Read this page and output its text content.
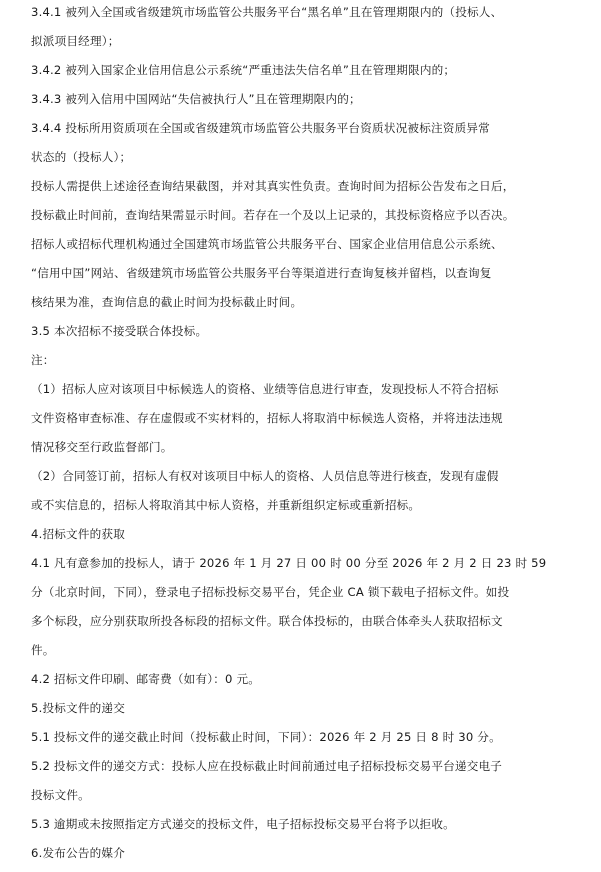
3.4.1 被列入全国或省级建筑市场监管公共服务平台“黑名单”且在管理期限内的（投标人、
拟派项目经理）；
3.4.2 被列入国家企业信用信息公示系统“严重违法失信名单”且在管理期限内的；
3.4.3 被列入信用中国网站“失信被执行人”且在管理期限内的；
3.4.4 投标所用资质项在全国或省级建筑市场监管公共服务平台资质状况被标注资质异常
状态的（投标人）；
投标人需提供上述途径查询结果截图，并对其真实性负责。查询时间为招标公告发布之日后，
投标截止时间前，查询结果需显示时间。若存在一个及以上记录的，其投标资格应予以否决。
招标人或招标代理机构通过全国建筑市场监管公共服务平台、国家企业信用信息公示系统、
“信用中国”网站、省级建筑市场监管公共服务平台等渠道进行查询复核并留档，以查询复
核结果为准，查询信息的截止时间为投标截止时间。
3.5 本次招标不接受联合体投标。
注：
（1）招标人应对该项目中标候选人的资格、业绩等信息进行审查，发现投标人不符合招标
文件资格审查标准、存在虚假或不实材料的，招标人将取消中标候选人资格，并将违法违规
情况移交至行政监督部门。
（2）合同签订前，招标人有权对该项目中标人的资格、人员信息等进行核查，发现有虚假
或不实信息的，招标人将取消其中标人资格，并重新组织定标或重新招标。
4.招标文件的获取
4.1 凡有意参加的投标人，请于 2026 年 1 月 27 日 00 时 00 分至 2026 年 2 月 2 日 23 时 59
分（北京时间，下同），登录电子招标投标交易平台，凭企业 CA 锁下载电子招标文件。如投
多个标段，应分别获取所投各标段的招标文件。联合体投标的，由联合体牵头人获取招标文
件。
4.2 招标文件印刷、邮寄费（如有）：0 元。
5.投标文件的递交
5.1 投标文件的递交截止时间（投标截止时间，下同）：2026 年 2 月 25 日 8 时 30 分。
5.2 投标文件的递交方式：投标人应在投标截止时间前通过电子招标投标交易平台递交电子
投标文件。
5.3 逾期或未按照指定方式递交的投标文件，电子招标投标交易平台将予以拒收。
6.发布公告的媒介
